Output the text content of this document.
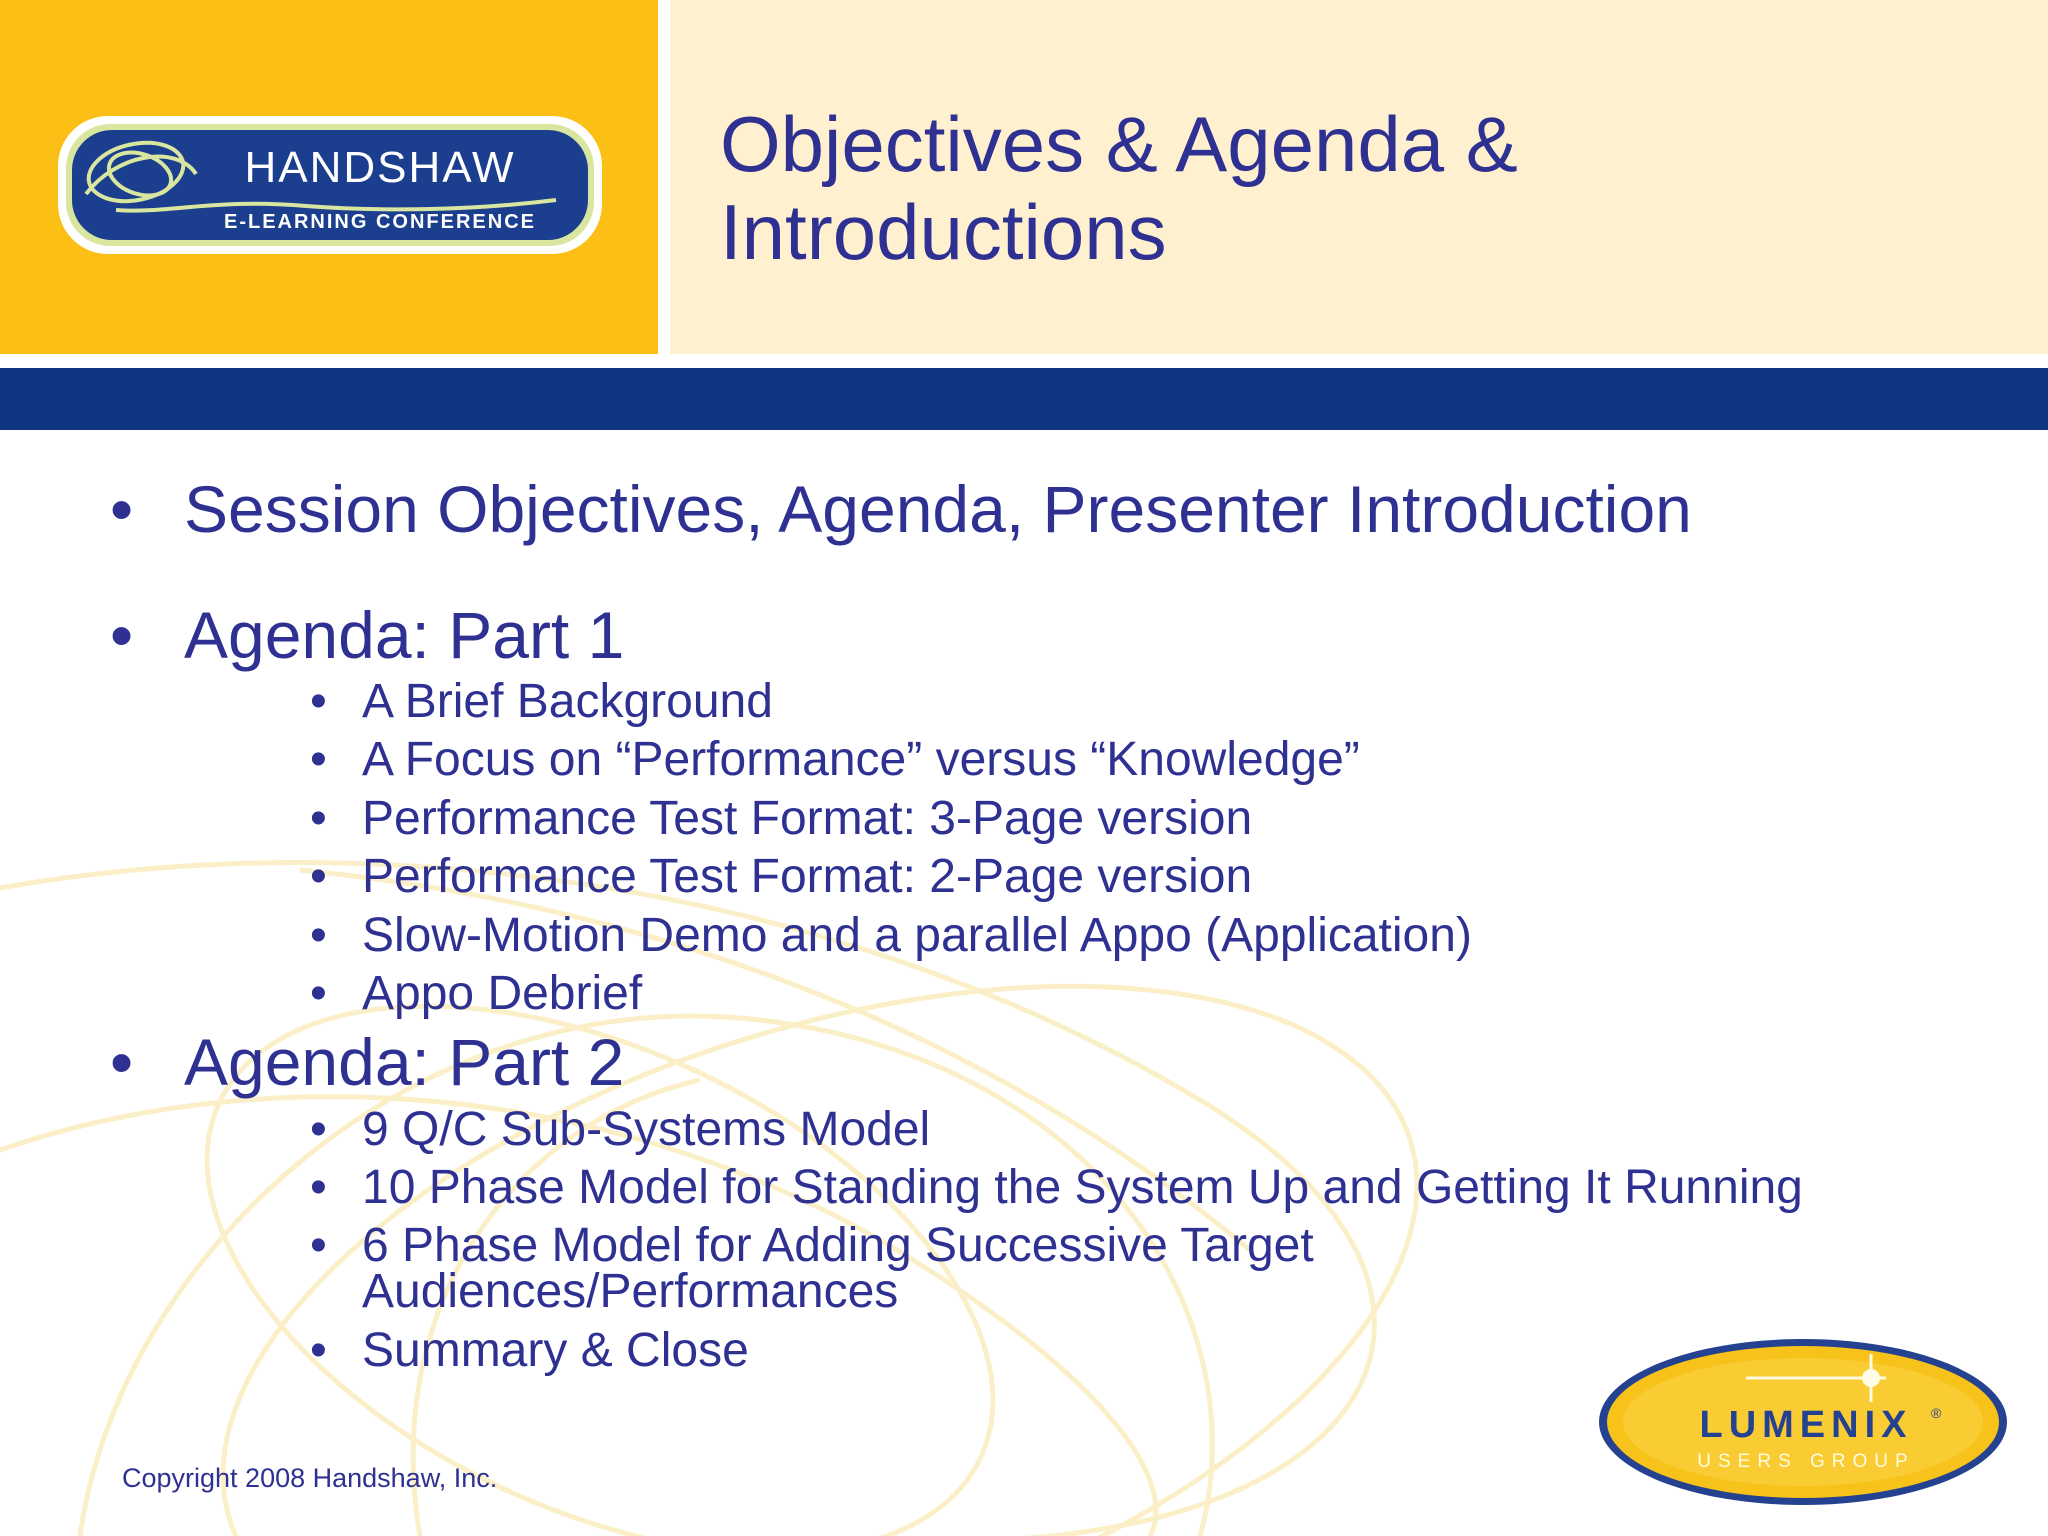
HANDSHAW
E-LEARNING CONFERENCE
Objectives & Agenda &
Introductions
• Session Objectives, Agenda, Presenter Introduction
• Agenda: Part 1
• A Brief Background
• A Focus on “Performance” versus “Knowledge”
• Performance Test Format: 3-Page version
• Performance Test Format: 2-Page version
• Slow-Motion Demo and a parallel Appo (Application)
• Appo Debrief
• Agenda: Part 2
• 9 Q/C Sub-Systems Model
• 10 Phase Model for Standing the System Up and Getting It Running
• 6 Phase Model for Adding Successive Target Audiences/Performances
• Summary & Close
Copyright 2008 Handshaw, Inc.
LUMENIX ®
USERS GROUP
